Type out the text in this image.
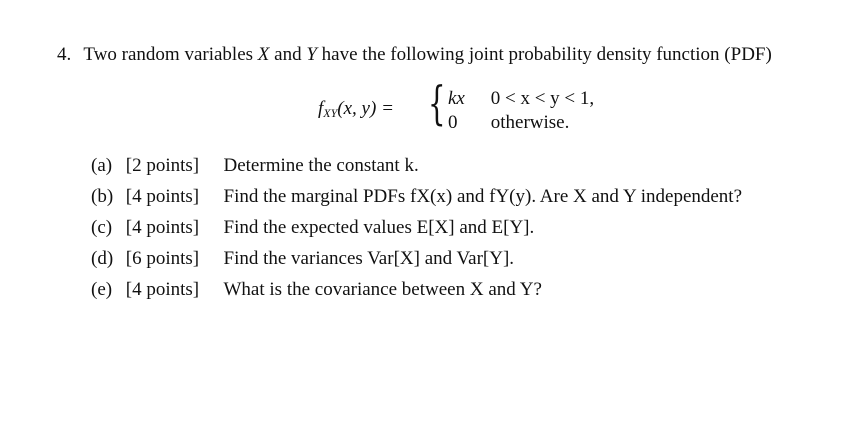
4. Two random variables X and Y have the following joint probability density function (PDF)
$f_{XY}(x$, y) = { kx 0 < x < y < 1,
0 otherwise.
(a) [2 points] Determine the constant k.
(b) [4 points] Find the marginal PDFs fX(x) and fY(y). Are X and Y independent?
(c) [4 points] Find the expected values E[X] and E[Y].
(d) [6 points] Find the variances Var[X] and Var[Y].
(e) [4 points] What is the covariance between X and Y?
